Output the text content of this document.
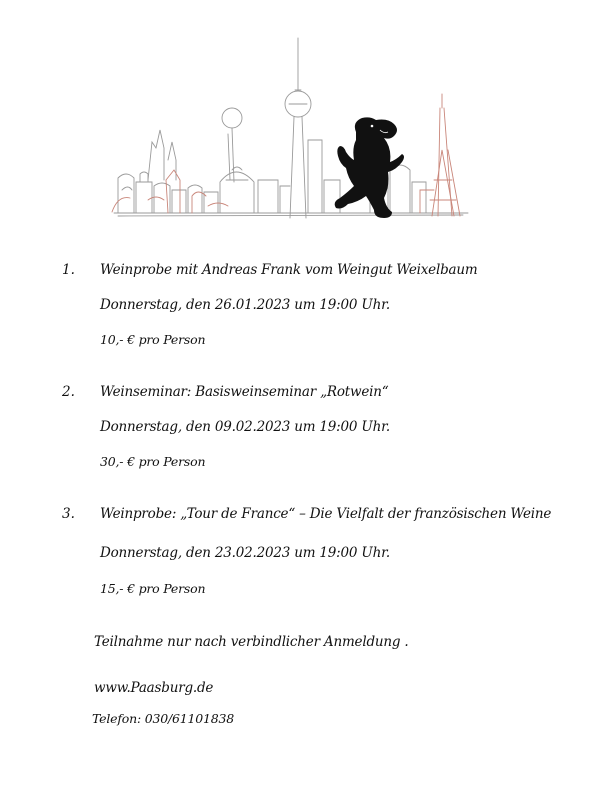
1. Weinprobe mit Andreas Frank vom Weingut Weixelbaum
Donnerstag, den 26.01.2023 um 19:00 Uhr.
10,- € pro Person
2. Weinseminar: Basisweinseminar „Rotwein“
Donnerstag, den 09.02.2023 um 19:00 Uhr.
30,- € pro Person
3. Weinprobe: „Tour de France“ – Die Vielfalt der französischen Weine
Donnerstag, den 23.02.2023 um 19:00 Uhr.
15,- € pro Person
Teilnahme nur nach verbindlicher Anmeldung .
www.Paasburg.de
Telefon: 030/61101838
